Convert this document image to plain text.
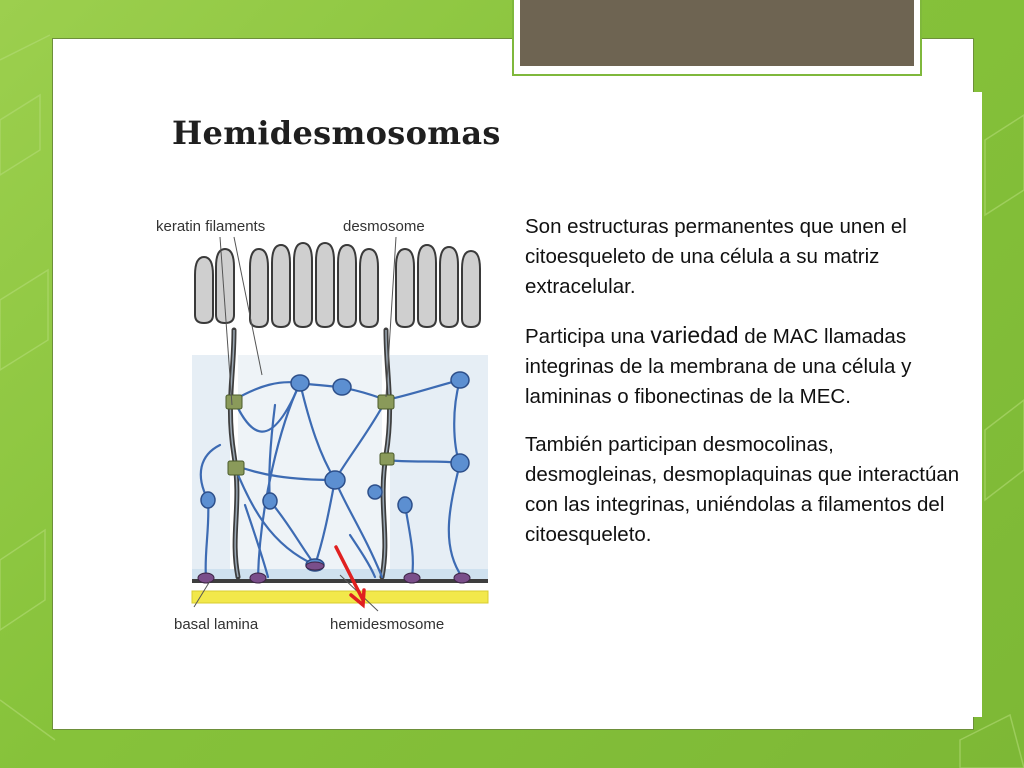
Hemidesmosomas
keratin filaments	desmosome
basal lamina	hemidesmosome

Son estructuras permanentes que unen el citoesqueleto de una célula a su matriz extracelular.

Participa una variedad de MAC llamadas integrinas de la membrana de una célula y lamininas o fibonectinas de la MEC.

También participan desmocolinas, desmogleinas, desmoplaquinas que interactúan con las integrinas, uniéndolas a filamentos del citoesqueleto.
